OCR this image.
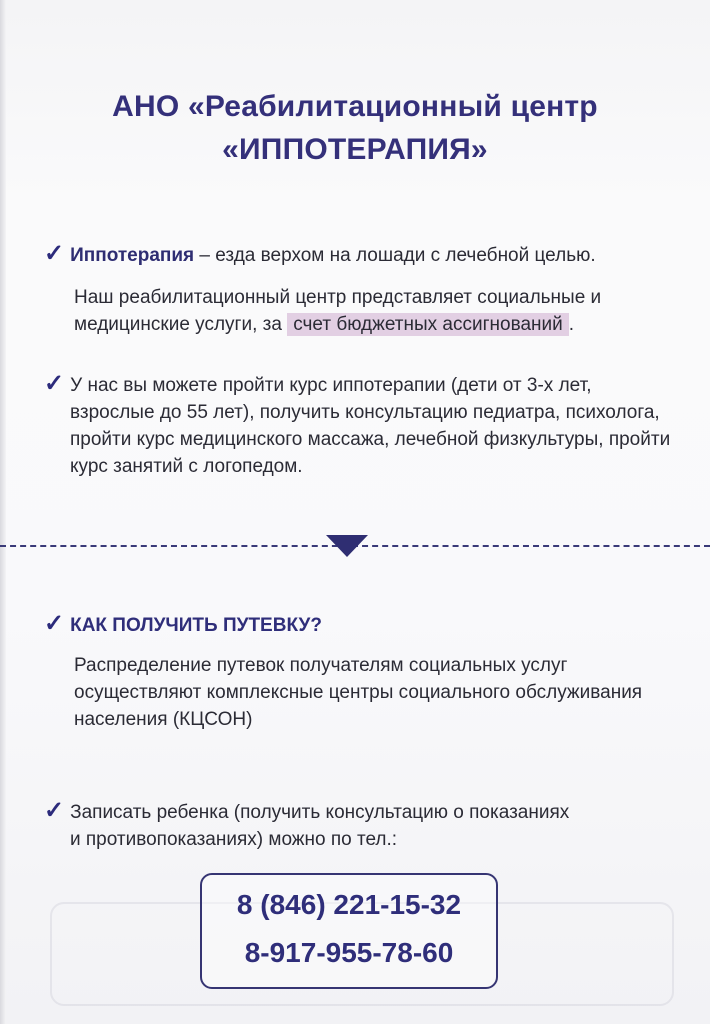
АНО «Реабилитационный центр
«ИППОТЕРАПИЯ»
✓ Иппотерапия – езда верхом на лошади с лечебной целью.
Наш реабилитационный центр представляет социальные и медицинские услуги, за счет бюджетных ассигнований .
✓ У нас вы можете пройти курс иппотерапии (дети от 3-х лет,
взрослые до 55 лет), получить консультацию педиатра, психолога, пройти курс медицинского массажа, лечебной физкультуры, пройти курс занятий с логопедом.
✓ КАК ПОЛУЧИТЬ ПУТЕВКУ?
Распределение путевок получателям социальных услуг осуществляют комплексные центры социального обслуживания населения (КЦСОН)
✓ Записать ребенка (получить консультацию о показаниях
и противопоказаниях) можно по тел.:
8 (846) 221-15-32
8-917-955-78-60
